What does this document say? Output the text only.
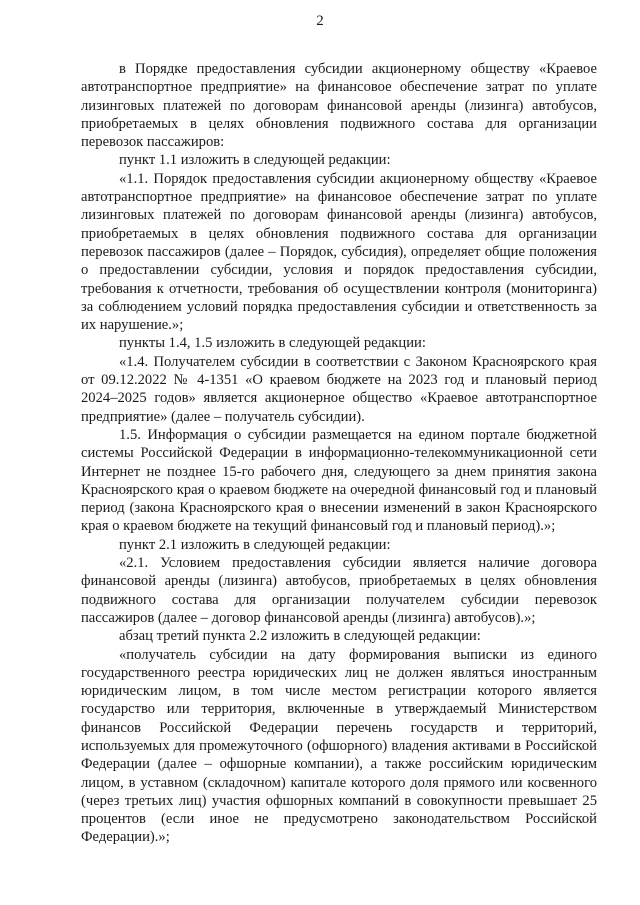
2

в Порядке предоставления субсидии акционерному обществу «Краевое автотранспортное предприятие» на финансовое обеспечение затрат по уплате лизинговых платежей по договорам финансовой аренды (лизинга) автобусов, приобретаемых в целях обновления подвижного состава для организации перевозок пассажиров:

пункт 1.1 изложить в следующей редакции:

«1.1. Порядок предоставления субсидии акционерному обществу «Краевое автотранспортное предприятие» на финансовое обеспечение затрат по уплате лизинговых платежей по договорам финансовой аренды (лизинга) автобусов, приобретаемых в целях обновления подвижного состава для организации перевозок пассажиров (далее – Порядок, субсидия), определяет общие положения о предоставлении субсидии, условия и порядок предоставления субсидии, требования к отчетности, требования об осуществлении контроля (мониторинга) за соблюдением условий порядка предоставления субсидии и ответственность за их нарушение.»;

пункты 1.4, 1.5 изложить в следующей редакции:

«1.4. Получателем субсидии в соответствии с Законом Красноярского края от 09.12.2022 № 4-1351 «О краевом бюджете на 2023 год и плановый период 2024–2025 годов» является акционерное общество «Краевое автотранспортное предприятие» (далее – получатель субсидии).

1.5. Информация о субсидии размещается на едином портале бюджетной системы Российской Федерации в информационно-телекоммуникационной сети Интернет не позднее 15-го рабочего дня, следующего за днем принятия закона Красноярского края о краевом бюджете на очередной финансовый год и плановый период (закона Красноярского края о внесении изменений в закон Красноярского края о краевом бюджете на текущий финансовый год и плановый период).»;

пункт 2.1 изложить в следующей редакции:

«2.1. Условием предоставления субсидии является наличие договора финансовой аренды (лизинга) автобусов, приобретаемых в целях обновления подвижного состава для организации получателем субсидии перевозок пассажиров (далее – договор финансовой аренды (лизинга) автобусов).»;

абзац третий пункта 2.2 изложить в следующей редакции:

«получатель субсидии на дату формирования выписки из единого государственного реестра юридических лиц не должен являться иностранным юридическим лицом, в том числе местом регистрации которого является государство или территория, включенные в утверждаемый Министерством финансов Российской Федерации перечень государств и территорий, используемых для промежуточного (офшорного) владения активами в Российской Федерации (далее – офшорные компании), а также российским юридическим лицом, в уставном (складочном) капитале которого доля прямого или косвенного (через третьих лиц) участия офшорных компаний в совокупности превышает 25 процентов (если иное не предусмотрено законодательством Российской Федерации).»;
